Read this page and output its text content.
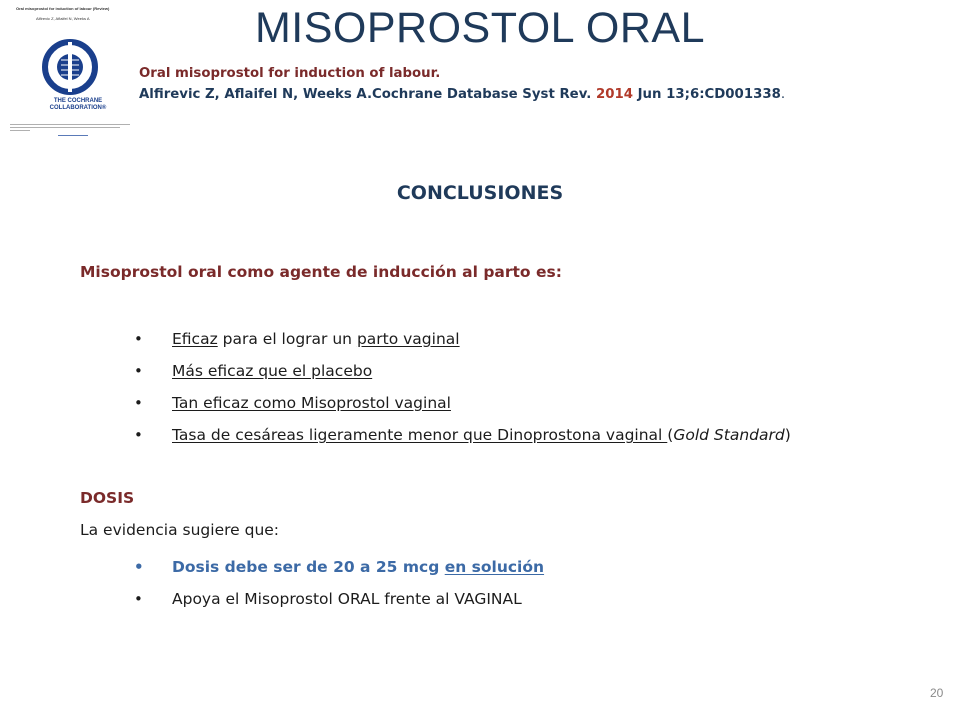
Oral misoprostol for induction of labour (Review)
Alfirevic Z, Aflaifel N, Weeks A
THE COCHRANE
COLLABORATION®
MISOPROSTOL ORAL
Oral misoprostol for induction of labour.
Alfirevic Z, Aflaifel N, Weeks A.Cochrane Database Syst Rev. 2014 Jun 13;6:CD001338.
CONCLUSIONES
Misoprostol oral como agente de inducción al parto es:
• Eficaz para el lograr un parto vaginal
• Más eficaz que el placebo
• Tan eficaz como Misoprostol vaginal
• Tasa de cesáreas ligeramente menor que Dinoprostona vaginal (Gold Standard)
DOSIS
La evidencia sugiere que:
• Dosis debe ser de 20 a 25 mcg en solución
• Apoya el Misoprostol ORAL frente al VAGINAL
20
